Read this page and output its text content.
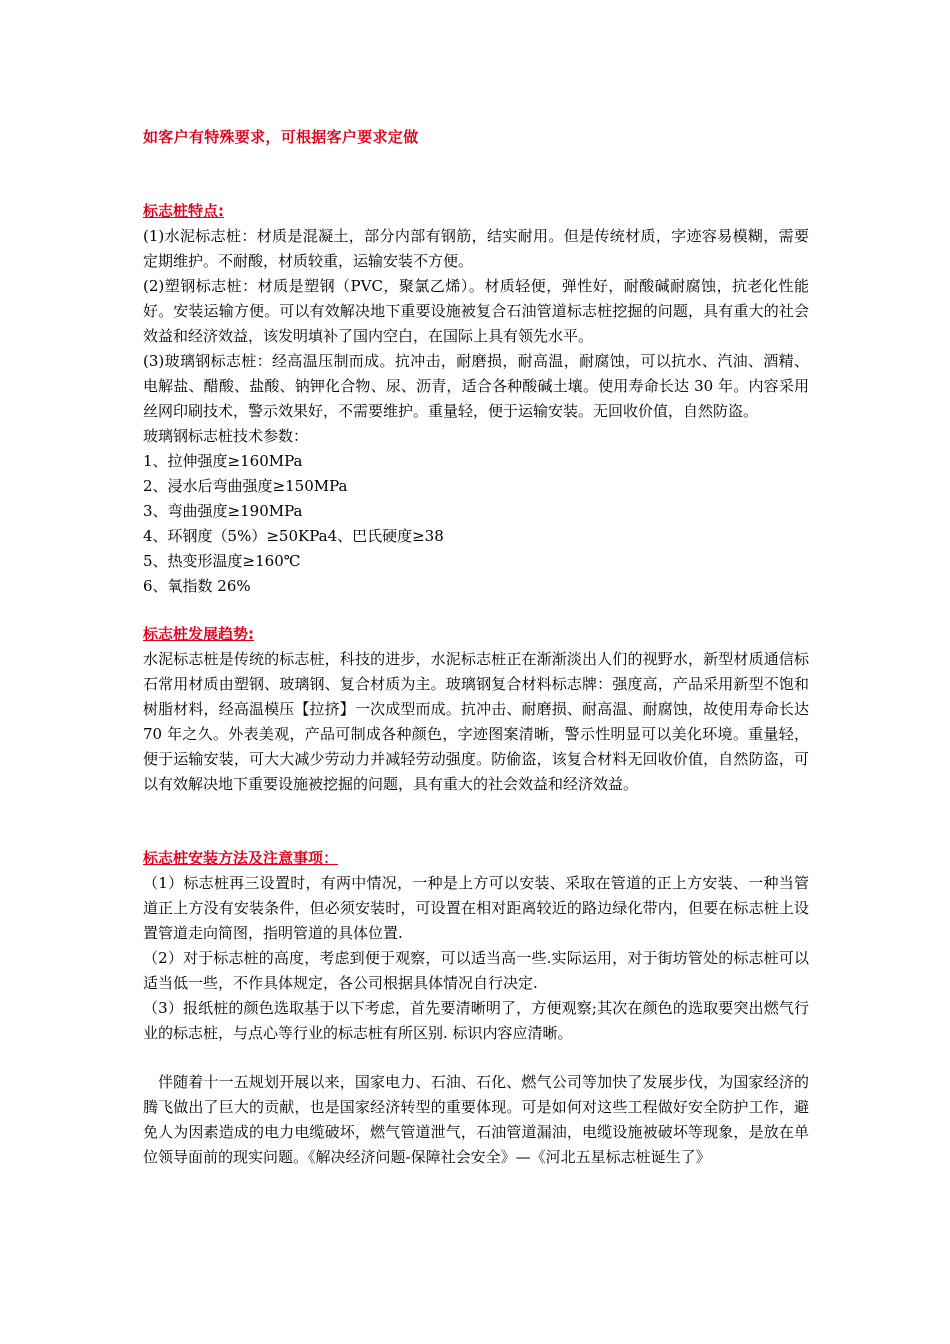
如客户有特殊要求，可根据客户要求定做
标志桩特点:

(1)水泥标志桩：材质是混凝土，部分内部有钢筋，结实耐用。但是传统材质，字迹容易模糊，需要定期维护。不耐酸，材质较重，运输安装不方便。

(2)塑钢标志桩：材质是塑钢（PVC，聚氯乙烯）。材质轻便，弹性好，耐酸碱耐腐蚀，抗老化性能好。安装运输方便。可以有效解决地下重要设施被复合石油管道标志桩挖掘的问题，具有重大的社会效益和经济效益，该发明填补了国内空白，在国际上具有领先水平。

(3)玻璃钢标志桩：经高温压制而成。抗冲击，耐磨损，耐高温，耐腐蚀，可以抗水、汽油、酒精、电解盐、醋酸、盐酸、钠钾化合物、尿、沥青，适合各种酸碱土壤。使用寿命长达 30 年。内容采用丝网印刷技术，警示效果好，不需要维护。重量轻，便于运输安装。无回收价值，自然防盗。

玻璃钢标志桩技术参数：
1、拉伸强度≥160MPa
2、浸水后弯曲强度≥150MPa
3、弯曲强度≥190MPa
4、环钢度（5%）≥50KPa4、巴氏硬度≥38
5、热变形温度≥160℃
6、氧指数 26%
标志桩发展趋势:

水泥标志桩是传统的标志桩，科技的进步，水泥标志桩正在渐渐淡出人们的视野水，新型材质通信标石常用材质由塑钢、玻璃钢、复合材质为主。玻璃钢复合材料标志牌：强度高，产品采用新型不饱和树脂材料，经高温模压【拉挤】一次成型而成。抗冲击、耐磨损、耐高温、耐腐蚀，故使用寿命长达 70 年之久。外表美观，产品可制成各种颜色，字迹图案清晰，警示性明显可以美化环境。重量轻，便于运输安装，可大大减少劳动力并减轻劳动强度。防偷盗，该复合材料无回收价值，自然防盗，可以有效解决地下重要设施被挖掘的问题，具有重大的社会效益和经济效益。

标志桩安装方法及注意事项：

（1）标志桩再三设置时，有两中情况，一种是上方可以安装、采取在管道的正上方安装、一种当管道正上方没有安装条件，但必须安装时，可设置在相对距离较近的路边绿化带内，但要在标志桩上设置管道走向简图，指明管道的具体位置.

（2）对于标志桩的高度，考虑到便于观察，可以适当高一些.实际运用，对于街坊管处的标志桩可以适当低一些，不作具体规定，各公司根据具体情况自行决定.

（3）报纸桩的颜色选取基于以下考虑，首先要清晰明了，方便观察;其次在颜色的选取要突出燃气行业的标志桩，与点心等行业的标志桩有所区别. 标识内容应清晰。

伴随着十一五规划开展以来，国家电力、石油、石化、燃气公司等加快了发展步伐，为国家经济的腾飞做出了巨大的贡献，也是国家经济转型的重要体现。可是如何对这些工程做好安全防护工作，避免人为因素造成的电力电缆破坏，燃气管道泄气，石油管道漏油，电缆设施被破坏等现象，是放在单位领导面前的现实问题。《解决经济问题-保障社会安全》—《河北五星标志桩诞生了》
